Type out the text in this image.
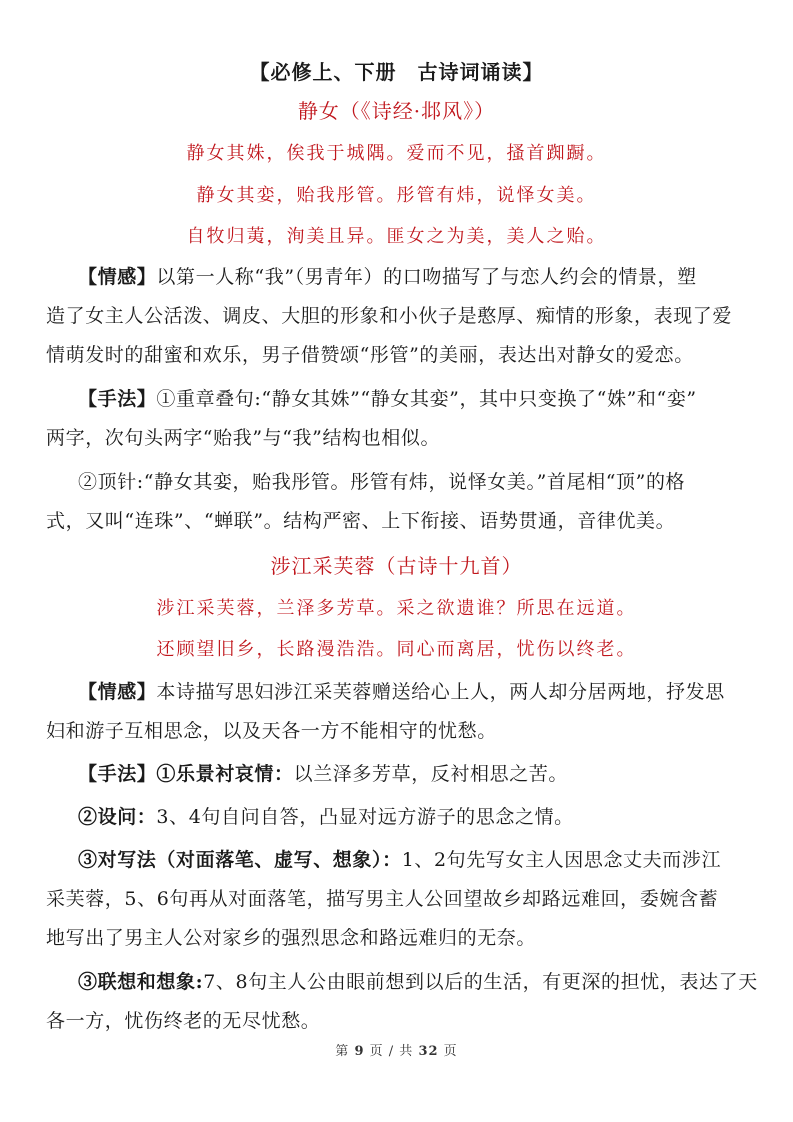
【必修上、下册　古诗词诵读】
静女（《诗经·邶风》）
静女其姝，俟我于城隅。爱而不见，搔首踟蹰。
静女其娈，贻我彤管。彤管有炜，说怿女美。
自牧归荑，洵美且异。匪女之为美，美人之贻。
【情感】以第一人称“我”（男青年）的口吻描写了与恋人约会的情景，塑
造了女主人公活泼、调皮、大胆的形象和小伙子是憨厚、痴情的形象，表现了爱
情萌发时的甜蜜和欢乐，男子借赞颂“彤管”的美丽，表达出对静女的爱恋。
【手法】①重章叠句:“静女其姝”“静女其娈”，其中只变换了“姝”和“娈”
两字，次句头两字“贻我”与“我”结构也相似。
②顶针:“静女其娈，贻我彤管。彤管有炜，说怿女美。”首尾相“顶”的格
式，又叫“连珠”、“蝉联”。结构严密、上下衔接、语势贯通，音律优美。
涉江采芙蓉（古诗十九首）
涉江采芙蓉，兰泽多芳草。采之欲遗谁？所思在远道。
还顾望旧乡，长路漫浩浩。同心而离居，忧伤以终老。
【情感】本诗描写思妇涉江采芙蓉赠送给心上人，两人却分居两地，抒发思
妇和游子互相思念，以及天各一方不能相守的忧愁。
【手法】①乐景衬哀情：以兰泽多芳草，反衬相思之苦。
②设问：3、4句自问自答，凸显对远方游子的思念之情。
③对写法（对面落笔、虚写、想象）：1、2句先写女主人因思念丈夫而涉江
采芙蓉，5、6句再从对面落笔，描写男主人公回望故乡却路远难回，委婉含蓄
地写出了男主人公对家乡的强烈思念和路远难归的无奈。
③联想和想象:7、8句主人公由眼前想到以后的生活，有更深的担忧，表达了天
各一方，忧伤终老的无尽忧愁。
第 9 页 / 共 32 页
